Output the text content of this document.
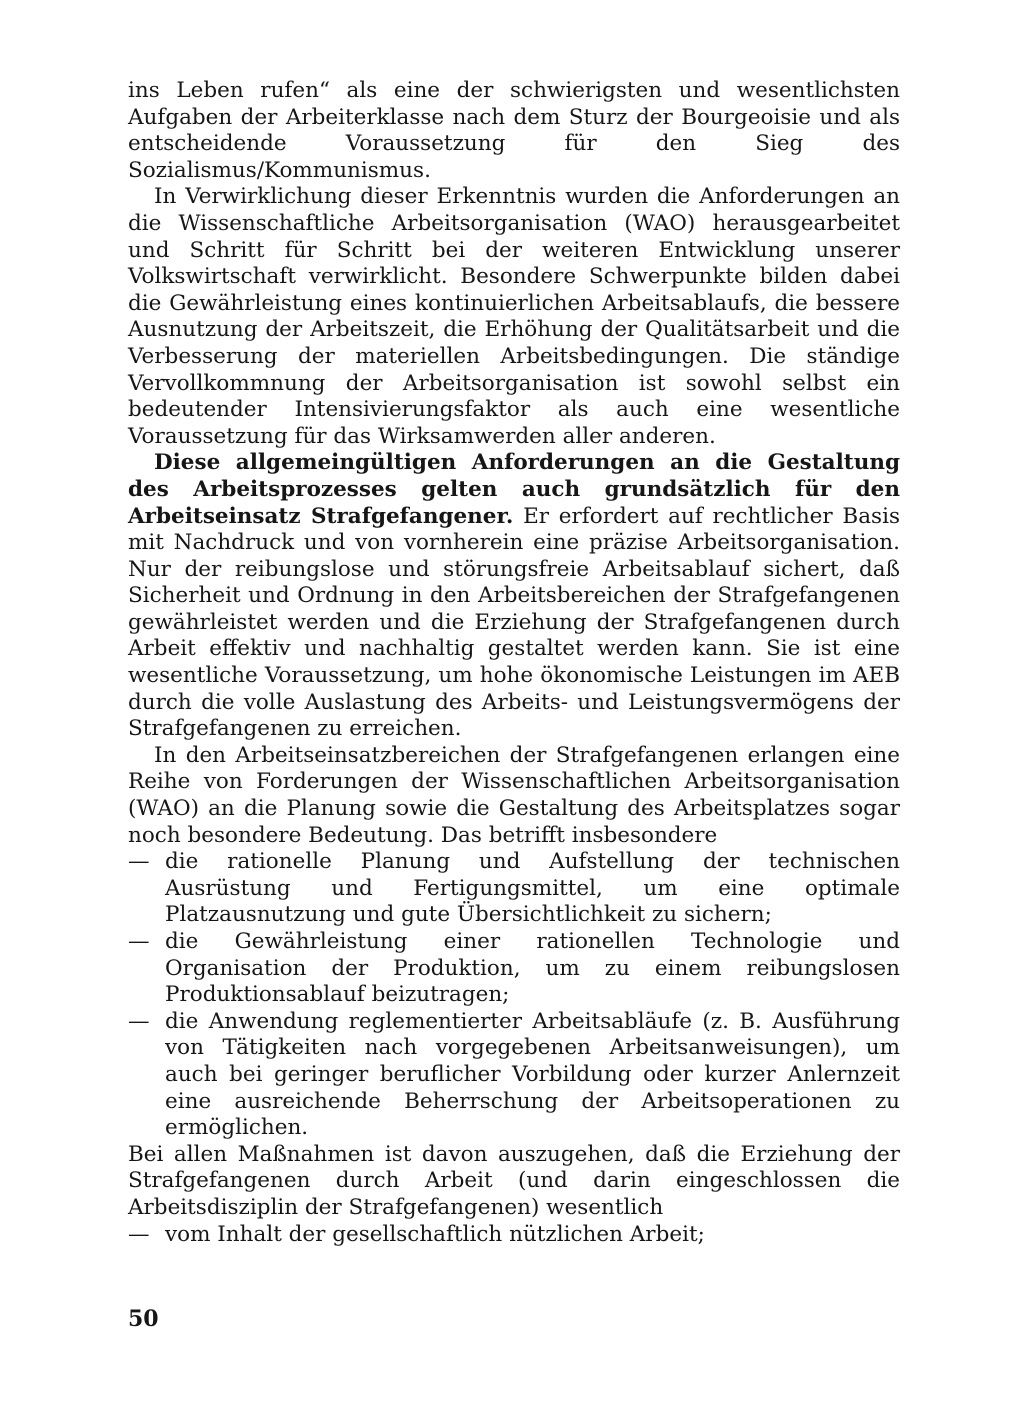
ins Leben rufen“ als eine der schwierigsten und wesentlichsten Aufgaben der Arbeiterklasse nach dem Sturz der Bourgeoisie und als entscheidende Voraussetzung für den Sieg des Sozialismus/Kommunismus.

In Verwirklichung dieser Erkenntnis wurden die Anforderungen an die Wissenschaftliche Arbeitsorganisation (WAO) herausgearbeitet und Schritt für Schritt bei der weiteren Entwicklung unserer Volkswirtschaft verwirklicht. Besondere Schwerpunkte bilden dabei die Gewährleistung eines kontinuierlichen Arbeitsablaufs, die bessere Ausnutzung der Arbeitszeit, die Erhöhung der Qualitätsarbeit und die Verbesserung der materiellen Arbeitsbedingungen. Die ständige Vervollkommnung der Arbeitsorganisation ist sowohl selbst ein bedeutender Intensivierungsfaktor als auch eine wesentliche Voraussetzung für das Wirksamwerden aller anderen.

Diese allgemeingültigen Anforderungen an die Gestaltung des Arbeitsprozesses gelten auch grundsätzlich für den Arbeitseinsatz Strafgefangener. Er erfordert auf rechtlicher Basis mit Nachdruck und von vornherein eine präzise Arbeitsorganisation. Nur der reibungslose und störungsfreie Arbeitsablauf sichert, daß Sicherheit und Ordnung in den Arbeitsbereichen der Strafgefangenen gewährleistet werden und die Erziehung der Strafgefangenen durch Arbeit effektiv und nachhaltig gestaltet werden kann. Sie ist eine wesentliche Voraussetzung, um hohe ökonomische Leistungen im AEB durch die volle Auslastung des Arbeits- und Leistungsvermögens der Strafgefangenen zu erreichen.

In den Arbeitseinsatzbereichen der Strafgefangenen erlangen eine Reihe von Forderungen der Wissenschaftlichen Arbeitsorganisation (WAO) an die Planung sowie die Gestaltung des Arbeitsplatzes sogar noch besondere Bedeutung. Das betrifft insbesondere

— die rationelle Planung und Aufstellung der technischen Ausrüstung und Fertigungsmittel, um eine optimale Platzausnutzung und gute Übersichtlichkeit zu sichern;
— die Gewährleistung einer rationellen Technologie und Organisation der Produktion, um zu einem reibungslosen Produktionsablauf beizutragen;
— die Anwendung reglementierter Arbeitsabläufe (z. B. Ausführung von Tätigkeiten nach vorgegebenen Arbeitsanweisungen), um auch bei geringer beruflicher Vorbildung oder kurzer Anlernzeit eine ausreichende Beherrschung der Arbeitsoperationen zu ermöglichen.

Bei allen Maßnahmen ist davon auszugehen, daß die Erziehung der Strafgefangenen durch Arbeit (und darin eingeschlossen die Arbeitsdisziplin der Strafgefangenen) wesentlich

— vom Inhalt der gesellschaftlich nützlichen Arbeit;
50
